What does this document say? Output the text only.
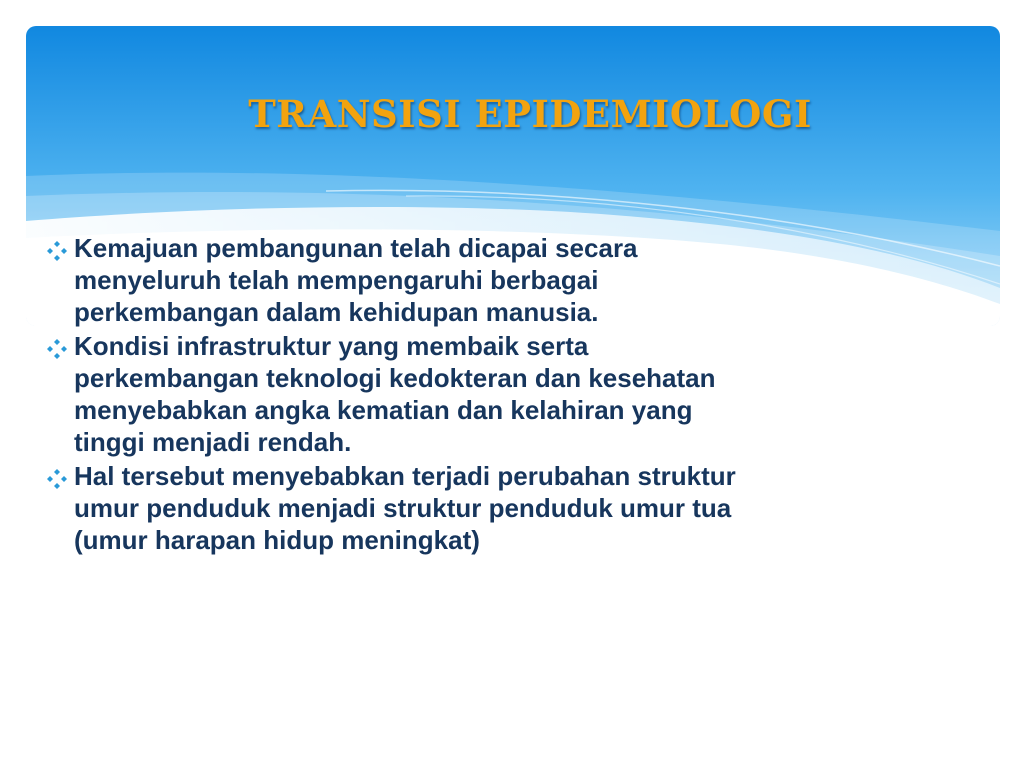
TRANSISI EPIDEMIOLOGI
Kemajuan pembangunan telah dicapai secara
menyeluruh telah mempengaruhi berbagai
perkembangan dalam kehidupan manusia.
Kondisi infrastruktur yang membaik serta
perkembangan teknologi kedokteran dan kesehatan
menyebabkan angka kematian dan kelahiran yang
tinggi menjadi rendah.
Hal tersebut menyebabkan terjadi perubahan struktur
umur penduduk menjadi struktur penduduk umur tua
(umur harapan hidup meningkat)
